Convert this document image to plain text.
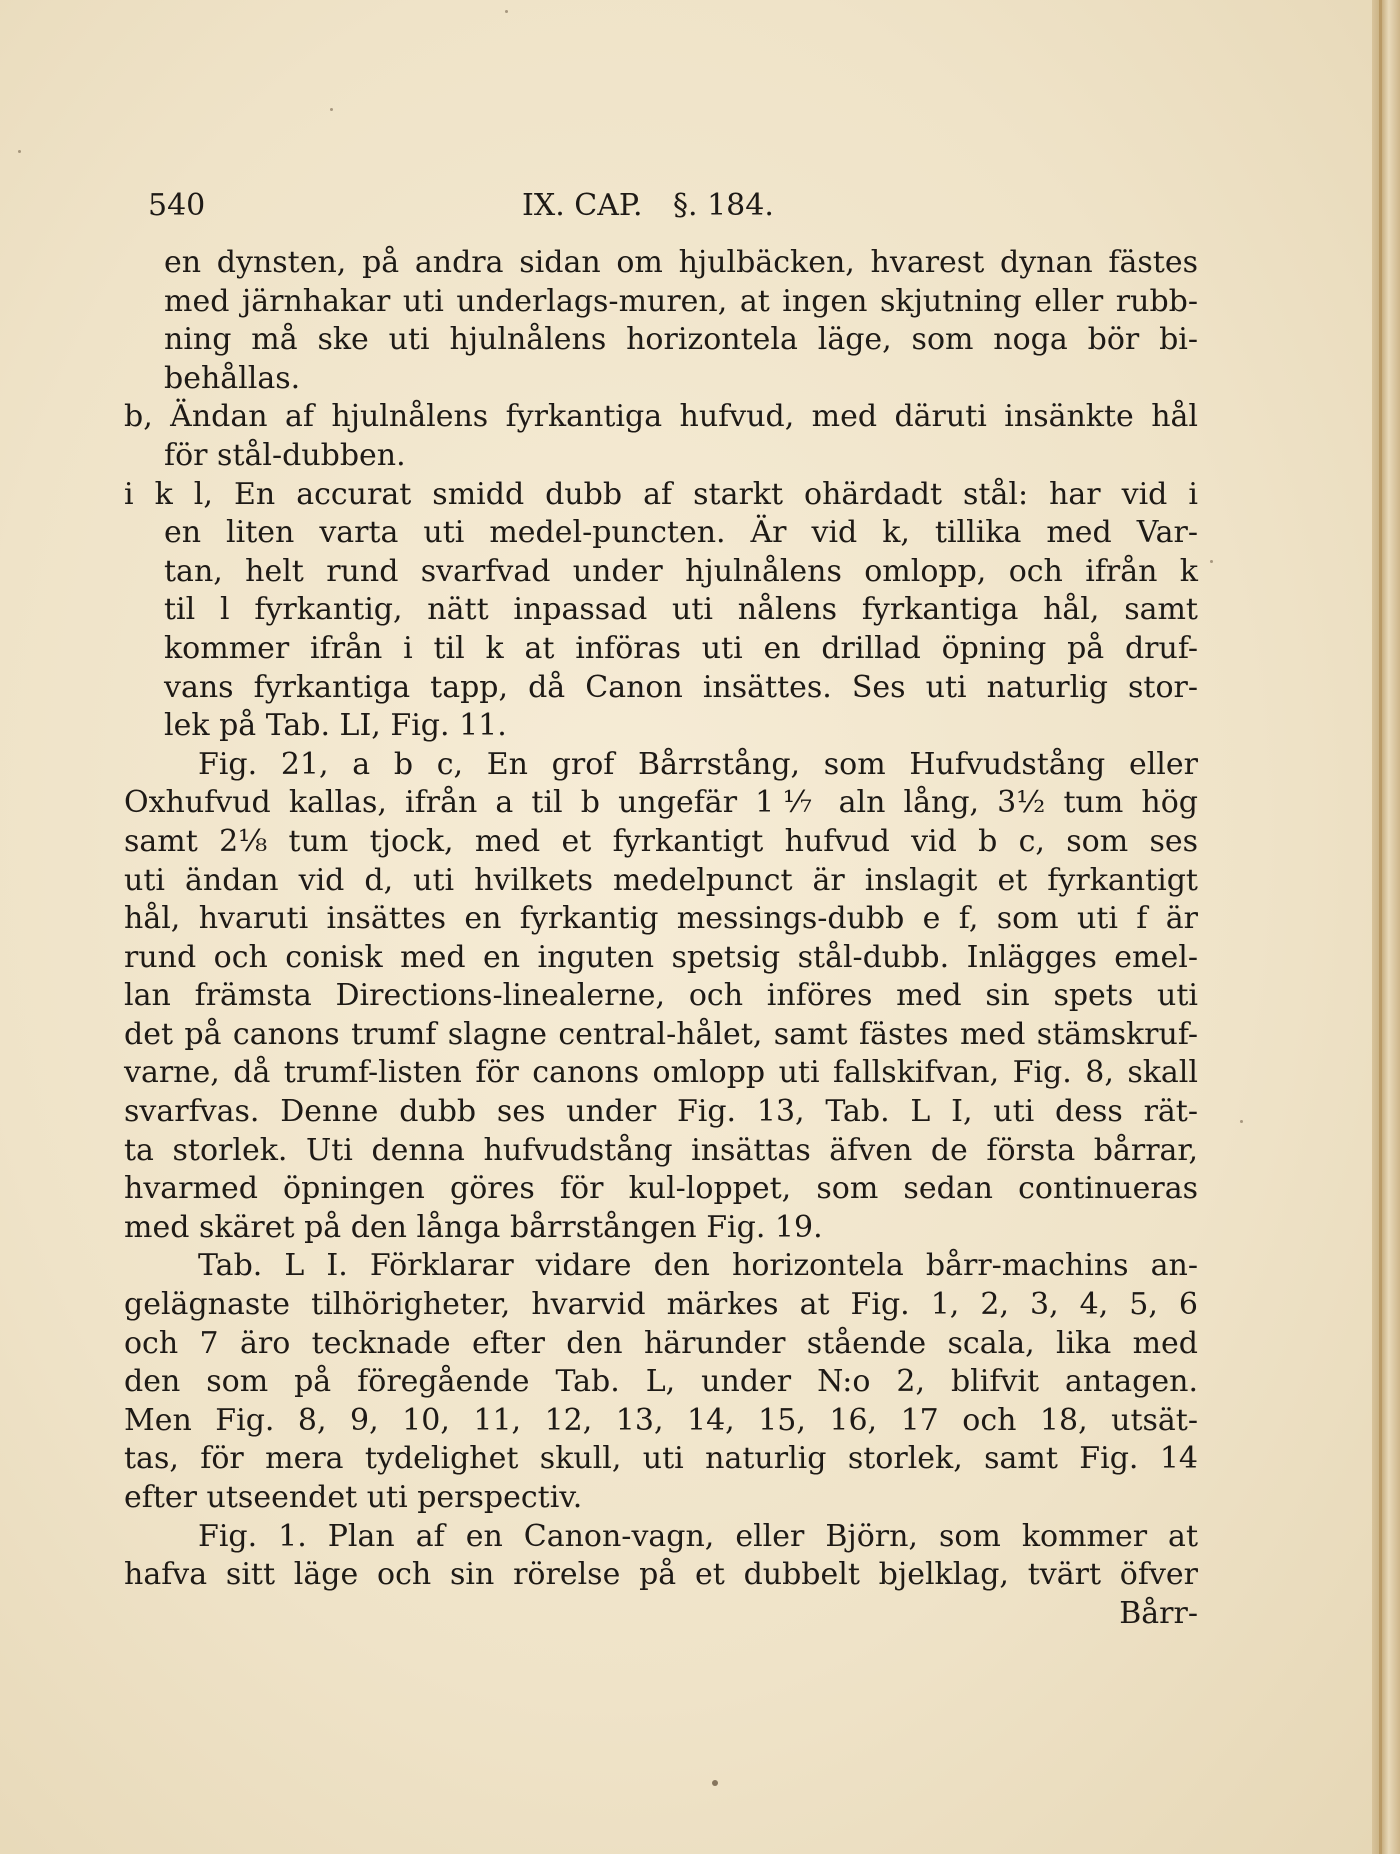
540	IX. CAP. §. 184.
en dynsten, på andra sidan om hjulbäcken, hvarest dynan fästes
med järnhakar uti underlags-muren, at ingen skjutning eller rubb-
ning må ske uti hjulnålens horizontela läge, som noga bör bi-
behållas.
b, Ändan af hjulnålens fyrkantiga hufvud, med däruti insänkte hål
för stål-dubben.
i k l, En accurat smidd dubb af starkt ohärdadt stål: har vid i
en liten varta uti medel-puncten. Är vid k, tillika med Var-
tan, helt rund svarfvad under hjulnålens omlopp, och ifrån k
til l fyrkantig, nätt inpassad uti nålens fyrkantiga hål, samt
kommer ifrån i til k at införas uti en drillad öpning på druf-
vans fyrkantiga tapp, då Canon insättes. Ses uti naturlig stor-
lek på Tab. LI, Fig. 11.
Fig. 21, a b c, En grof Bårrstång, som Hufvudstång eller
Oxhufvud kallas, ifrån a til b ungefär 1⅐ aln lång, 3½ tum hög
samt 2⅛ tum tjock, med et fyrkantigt hufvud vid b c, som ses
uti ändan vid d, uti hvilkets medelpunct är inslagit et fyrkantigt
hål, hvaruti insättes en fyrkantig messings-dubb e f, som uti f är
rund och conisk med en inguten spetsig stål-dubb. Inlägges emel-
lan främsta Directions-linealerne, och införes med sin spets uti
det på canons trumf slagne central-hålet, samt fästes med stämskruf-
varne, då trumf-listen för canons omlopp uti fallskifvan, Fig. 8, skall
svarfvas. Denne dubb ses under Fig. 13, Tab. L I, uti dess rät-
ta storlek. Uti denna hufvudstång insättas äfven de första bårrar,
hvarmed öpningen göres för kul-loppet, som sedan continueras
med skäret på den långa bårrstången Fig. 19.
Tab. L I. Förklarar vidare den horizontela bårr-machins an-
gelägnaste tilhörigheter, hvarvid märkes at Fig. 1, 2, 3, 4, 5, 6
och 7 äro tecknade efter den härunder stående scala, lika med
den som på föregående Tab. L, under N:o 2, blifvit antagen.
Men Fig. 8, 9, 10, 11, 12, 13, 14, 15, 16, 17 och 18, utsät-
tas, för mera tydelighet skull, uti naturlig storlek, samt Fig. 14
efter utseendet uti perspectiv.
Fig. 1. Plan af en Canon-vagn, eller Björn, som kommer at
hafva sitt läge och sin rörelse på et dubbelt bjelklag, tvärt öfver
Bårr-
